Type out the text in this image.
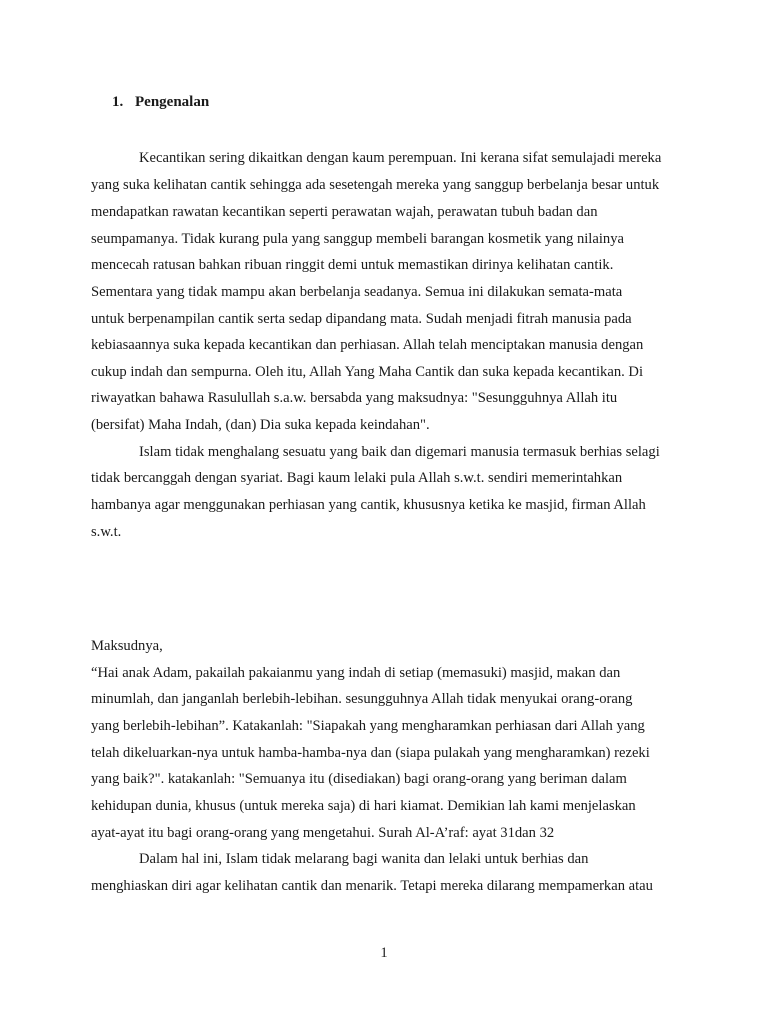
1. Pengenalan
Kecantikan sering dikaitkan dengan kaum perempuan. Ini kerana sifat semulajadi mereka
yang suka kelihatan cantik sehingga ada sesetengah mereka yang sanggup berbelanja besar untuk
mendapatkan rawatan kecantikan seperti perawatan wajah, perawatan tubuh badan dan
seumpamanya. Tidak kurang pula yang sanggup membeli barangan kosmetik yang nilainya
mencecah ratusan bahkan ribuan ringgit demi untuk memastikan dirinya kelihatan cantik.
Sementara yang tidak mampu akan berbelanja seadanya. Semua ini dilakukan semata-mata
untuk berpenampilan cantik serta sedap dipandang mata. Sudah menjadi fitrah manusia pada
kebiasaannya suka kepada kecantikan dan perhiasan. Allah telah menciptakan manusia dengan
cukup indah dan sempurna. Oleh itu, Allah Yang Maha Cantik dan suka kepada kecantikan. Di
riwayatkan bahawa Rasulullah s.a.w. bersabda yang maksudnya: "Sesungguhnya Allah itu
(bersifat) Maha Indah, (dan) Dia suka kepada keindahan".
Islam tidak menghalang sesuatu yang baik dan digemari manusia termasuk berhias selagi
tidak bercanggah dengan syariat. Bagi kaum lelaki pula Allah s.w.t. sendiri memerintahkan
hambanya agar menggunakan perhiasan yang cantik, khususnya ketika ke masjid, firman Allah
s.w.t.
Maksudnya,
“Hai anak Adam, pakailah pakaianmu yang indah di setiap (memasuki) masjid, makan dan
minumlah, dan janganlah berlebih-lebihan. sesungguhnya Allah tidak menyukai orang-orang
yang berlebih-lebihan”. Katakanlah: "Siapakah yang mengharamkan perhiasan dari Allah yang
telah dikeluarkan-nya untuk hamba-hamba-nya dan (siapa pulakah yang mengharamkan) rezeki
yang baik?". katakanlah: "Semuanya itu (disediakan) bagi orang-orang yang beriman dalam
kehidupan dunia, khusus (untuk mereka saja) di hari kiamat. Demikian lah kami menjelaskan
ayat-ayat itu bagi orang-orang yang mengetahui. Surah Al-A’raf: ayat 31dan 32
Dalam hal ini, Islam tidak melarang bagi wanita dan lelaki untuk berhias dan
menghiaskan diri agar kelihatan cantik dan menarik. Tetapi mereka dilarang mempamerkan atau
1
